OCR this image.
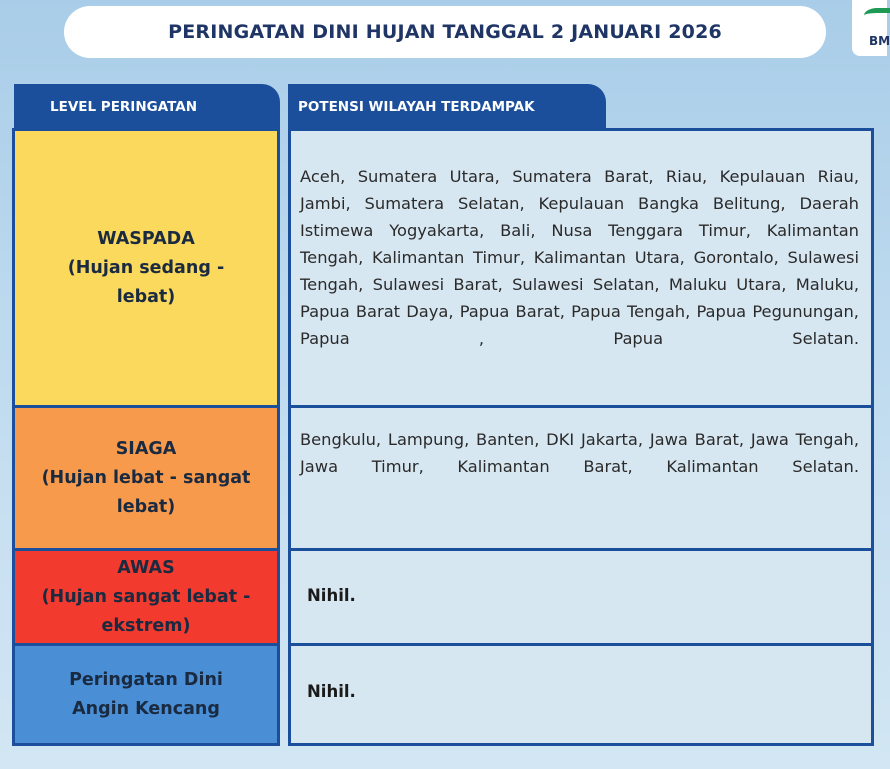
PERINGATAN DINI HUJAN TANGGAL 2 JANUARI 2026	BM
LEVEL PERINGATAN	POTENSI WILAYAH TERDAMPAK
WASPADA
(Hujan sedang - lebat)
Aceh, Sumatera Utara, Sumatera Barat, Riau, Kepulauan Riau, Jambi, Sumatera Selatan, Kepulauan Bangka Belitung, Daerah Istimewa Yogyakarta, Bali, Nusa Tenggara Timur, Kalimantan Tengah, Kalimantan Timur, Kalimantan Utara, Gorontalo, Sulawesi Tengah, Sulawesi Barat, Sulawesi Selatan, Maluku Utara, Maluku, Papua Barat Daya, Papua Barat, Papua Tengah, Papua Pegunungan, Papua , Papua Selatan.
SIAGA
(Hujan lebat - sangat lebat)
Bengkulu, Lampung, Banten, DKI Jakarta, Jawa Barat, Jawa Tengah, Jawa Timur, Kalimantan Barat, Kalimantan Selatan.
AWAS
(Hujan sangat lebat - ekstrem)
Nihil.
Peringatan Dini Angin Kencang
Nihil.
